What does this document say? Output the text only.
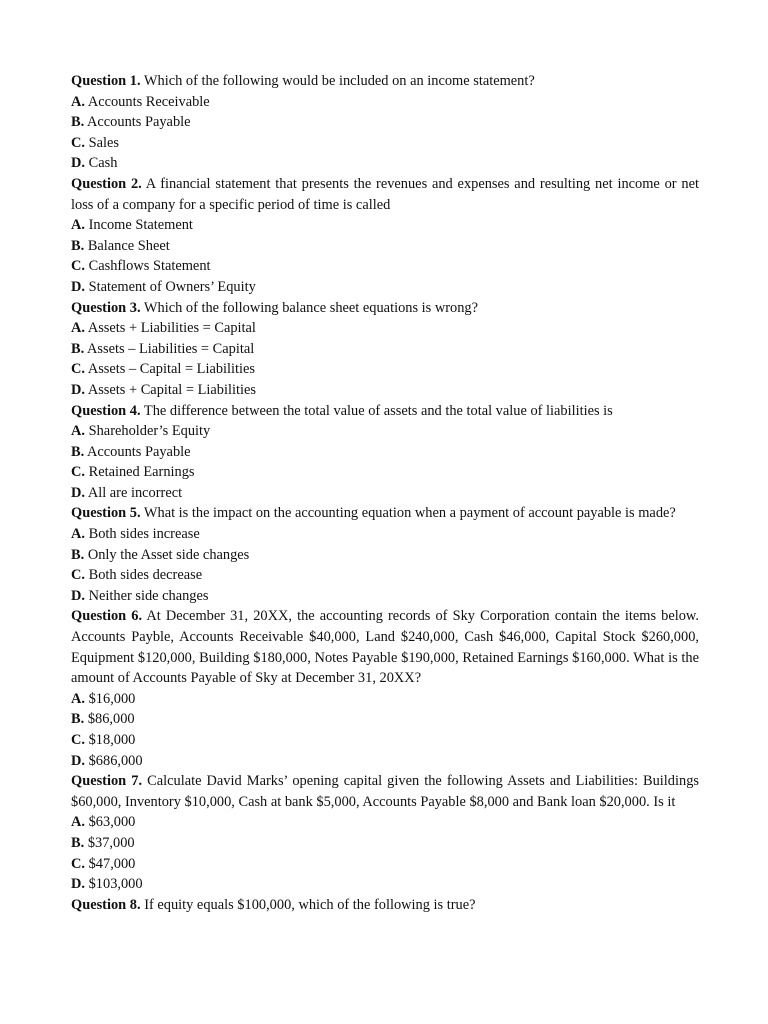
Question 1. Which of the following would be included on an income statement?

A. Accounts Receivable

B. Accounts Payable

C. Sales

D. Cash

Question 2. A financial statement that presents the revenues and expenses and resulting net income or net loss of a company for a specific period of time is called

A. Income Statement

B. Balance Sheet

C. Cashflows Statement

D. Statement of Owners’ Equity

Question 3. Which of the following balance sheet equations is wrong?

A. Assets + Liabilities = Capital

B. Assets – Liabilities = Capital

C. Assets – Capital = Liabilities

D. Assets + Capital = Liabilities

Question 4. The difference between the total value of assets and the total value of liabilities is

A. Shareholder’s Equity

B. Accounts Payable

C. Retained Earnings

D. All are incorrect

Question 5. What is the impact on the accounting equation when a payment of account payable is made?

A. Both sides increase

B. Only the Asset side changes

C. Both sides decrease

D. Neither side changes

Question 6. At December 31, 20XX, the accounting records of Sky Corporation contain the items below. Accounts Payble, Accounts Receivable $40,000, Land $240,000, Cash $46,000, Capital Stock $260,000, Equipment $120,000, Building $180,000, Notes Payable $190,000, Retained Earnings $160,000. What is the amount of Accounts Payable of Sky at December 31, 20XX?

A. $16,000

B. $86,000

C. $18,000

D. $686,000

Question 7. Calculate David Marks’ opening capital given the following Assets and Liabilities: Buildings $60,000, Inventory $10,000, Cash at bank $5,000, Accounts Payable $8,000 and Bank loan $20,000. Is it

A. $63,000

B. $37,000

C. $47,000

D. $103,000

Question 8. If equity equals $100,000, which of the following is true?
